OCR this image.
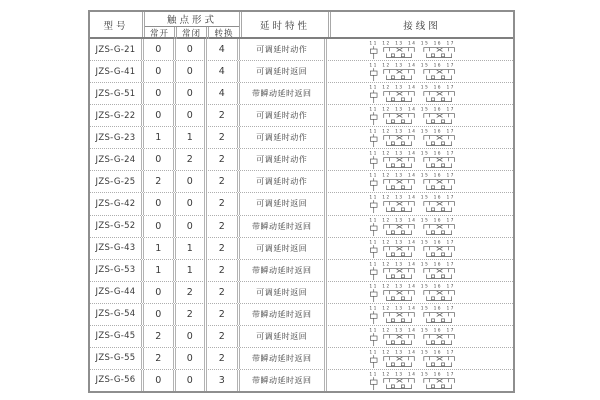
型号	触点形式
常开	常闭	转换
延时特性	接线图
JZS-G-21	0	0	4	可调延时动作
11 12 13 14 15 16 17
JZS-G-41	0	0	4	可调延时返回
11 12 13 14 15 16 17
JZS-G-51	0	0	4	带瞬动延时返回
11 12 13 14 15 16 17
JZS-G-22	0	0	2	可调延时动作
11 12 13 14 15 16 17
JZS-G-23	1	1	2	可调延时动作
11 12 13 14 15 16 17
JZS-G-24	0	2	2	可调延时动作
11 12 13 14 15 16 17
JZS-G-25	2	0	2	可调延时动作
11 12 13 14 15 16 17
JZS-G-42	0	0	2	可调延时返回
11 12 13 14 15 16 17
JZS-G-52	0	0	2	带瞬动延时返回
11 12 13 14 15 16 17
JZS-G-43	1	1	2	可调延时返回
11 12 13 14 15 16 17
JZS-G-53	1	1	2	带瞬动延时返回
11 12 13 14 15 16 17
JZS-G-44	0	2	2	可调延时返回
11 12 13 14 15 16 17
JZS-G-54	0	2	2	带瞬动延时返回
11 12 13 14 15 16 17
JZS-G-45	2	0	2	可调延时返回
11 12 13 14 15 16 17
JZS-G-55	2	0	2	带瞬动延时返回
11 12 13 14 15 16 17
JZS-G-56	0	0	3	带瞬动延时返回
11 12 13 14 15 16 17
